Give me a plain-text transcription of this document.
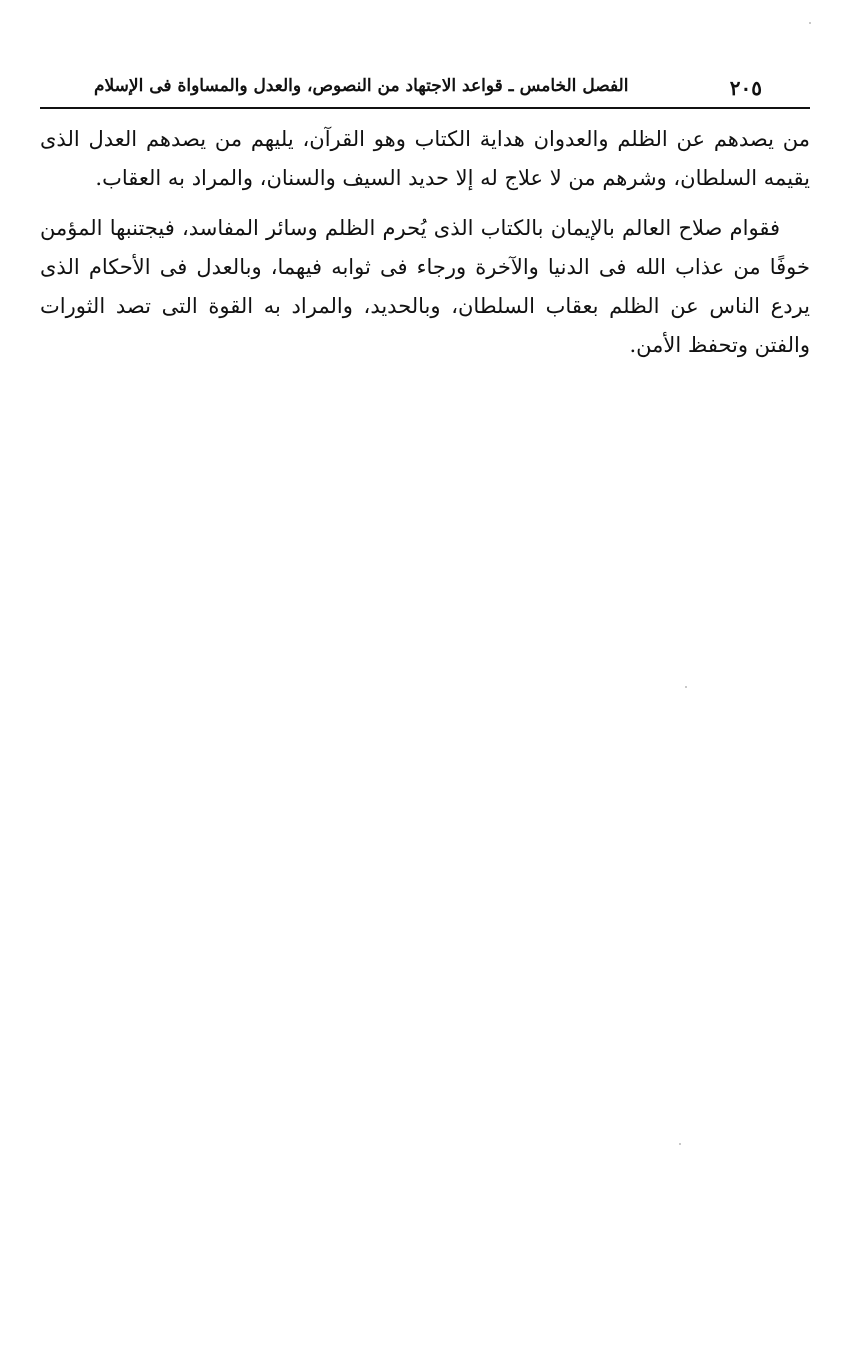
٢٠٥
الفصل الخامس ـ قواعد الاجتهاد من النصوص، والعدل والمساواة فى الإسلام

من يصدهم عن الظلم والعدوان هداية الكتاب وهو القرآن، يليهم من يصدهم العدل الذى يقيمه السلطان، وشرهم من لا علاج له إلا حديد السيف والسنان، والمراد به العقاب.

فقوام صلاح العالم بالإيمان بالكتاب الذى يُحرم الظلم وسائر المفاسد، فيجتنبها المؤمن خوفًا من عذاب الله فى الدنيا والآخرة ورجاء فى ثوابه فيهما، وبالعدل فى الأحكام الذى يردع الناس عن الظلم بعقاب السلطان، وبالحديد، والمراد به القوة التى تصد الثورات والفتن وتحفظ الأمن.
